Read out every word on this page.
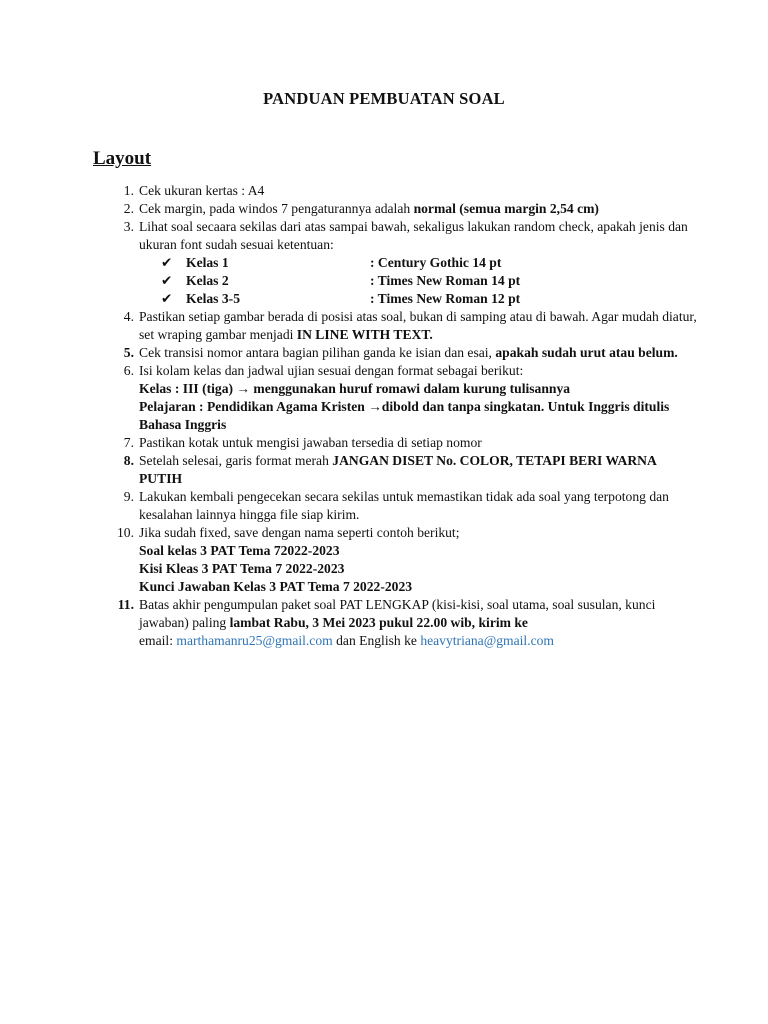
PANDUAN PEMBUATAN SOAL
Layout
1. Cek ukuran kertas : A4
2. Cek margin, pada windos 7 pengaturannya adalah normal (semua margin 2,54 cm)
3. Lihat soal secaara sekilas dari atas sampai bawah, sekaligus lakukan random check, apakah jenis dan ukuran font sudah sesuai ketentuan:
✔ Kelas 1	: Century Gothic 14 pt
✔ Kelas 2	: Times New Roman 14 pt
✔ Kelas 3-5	: Times New Roman 12 pt
4. Pastikan setiap gambar berada di posisi atas soal, bukan di samping atau di bawah. Agar mudah diatur, set wraping gambar menjadi IN LINE WITH TEXT.
5. Cek transisi nomor antara bagian pilihan ganda ke isian dan esai, apakah sudah urut atau belum.
6. Isi kolam kelas dan jadwal ujian sesuai dengan format sebagai berikut:
Kelas : III (tiga) → menggunakan huruf romawi dalam kurung tulisannya
Pelajaran : Pendidikan Agama Kristen →dibold dan tanpa singkatan. Untuk Inggris ditulis Bahasa Inggris
7. Pastikan kotak untuk mengisi jawaban tersedia di setiap nomor
8. Setelah selesai, garis format merah JANGAN DISET No. COLOR, TETAPI BERI WARNA PUTIH
9. Lakukan kembali pengecekan secara sekilas untuk memastikan tidak ada soal yang terpotong dan kesalahan lainnya hingga file siap kirim.
10. Jika sudah fixed, save dengan nama seperti contoh berikut;
Soal kelas 3 PAT Tema 72022-2023
Kisi Kleas 3 PAT Tema 7 2022-2023
Kunci Jawaban Kelas 3 PAT Tema 7 2022-2023
11. Batas akhir pengumpulan paket soal PAT LENGKAP (kisi-kisi, soal utama, soal susulan, kunci jawaban) paling lambat Rabu, 3 Mei 2023 pukul 22.00 wib, kirim ke
email: marthamanru25@gmail.com dan English ke heavytriana@gmail.com
